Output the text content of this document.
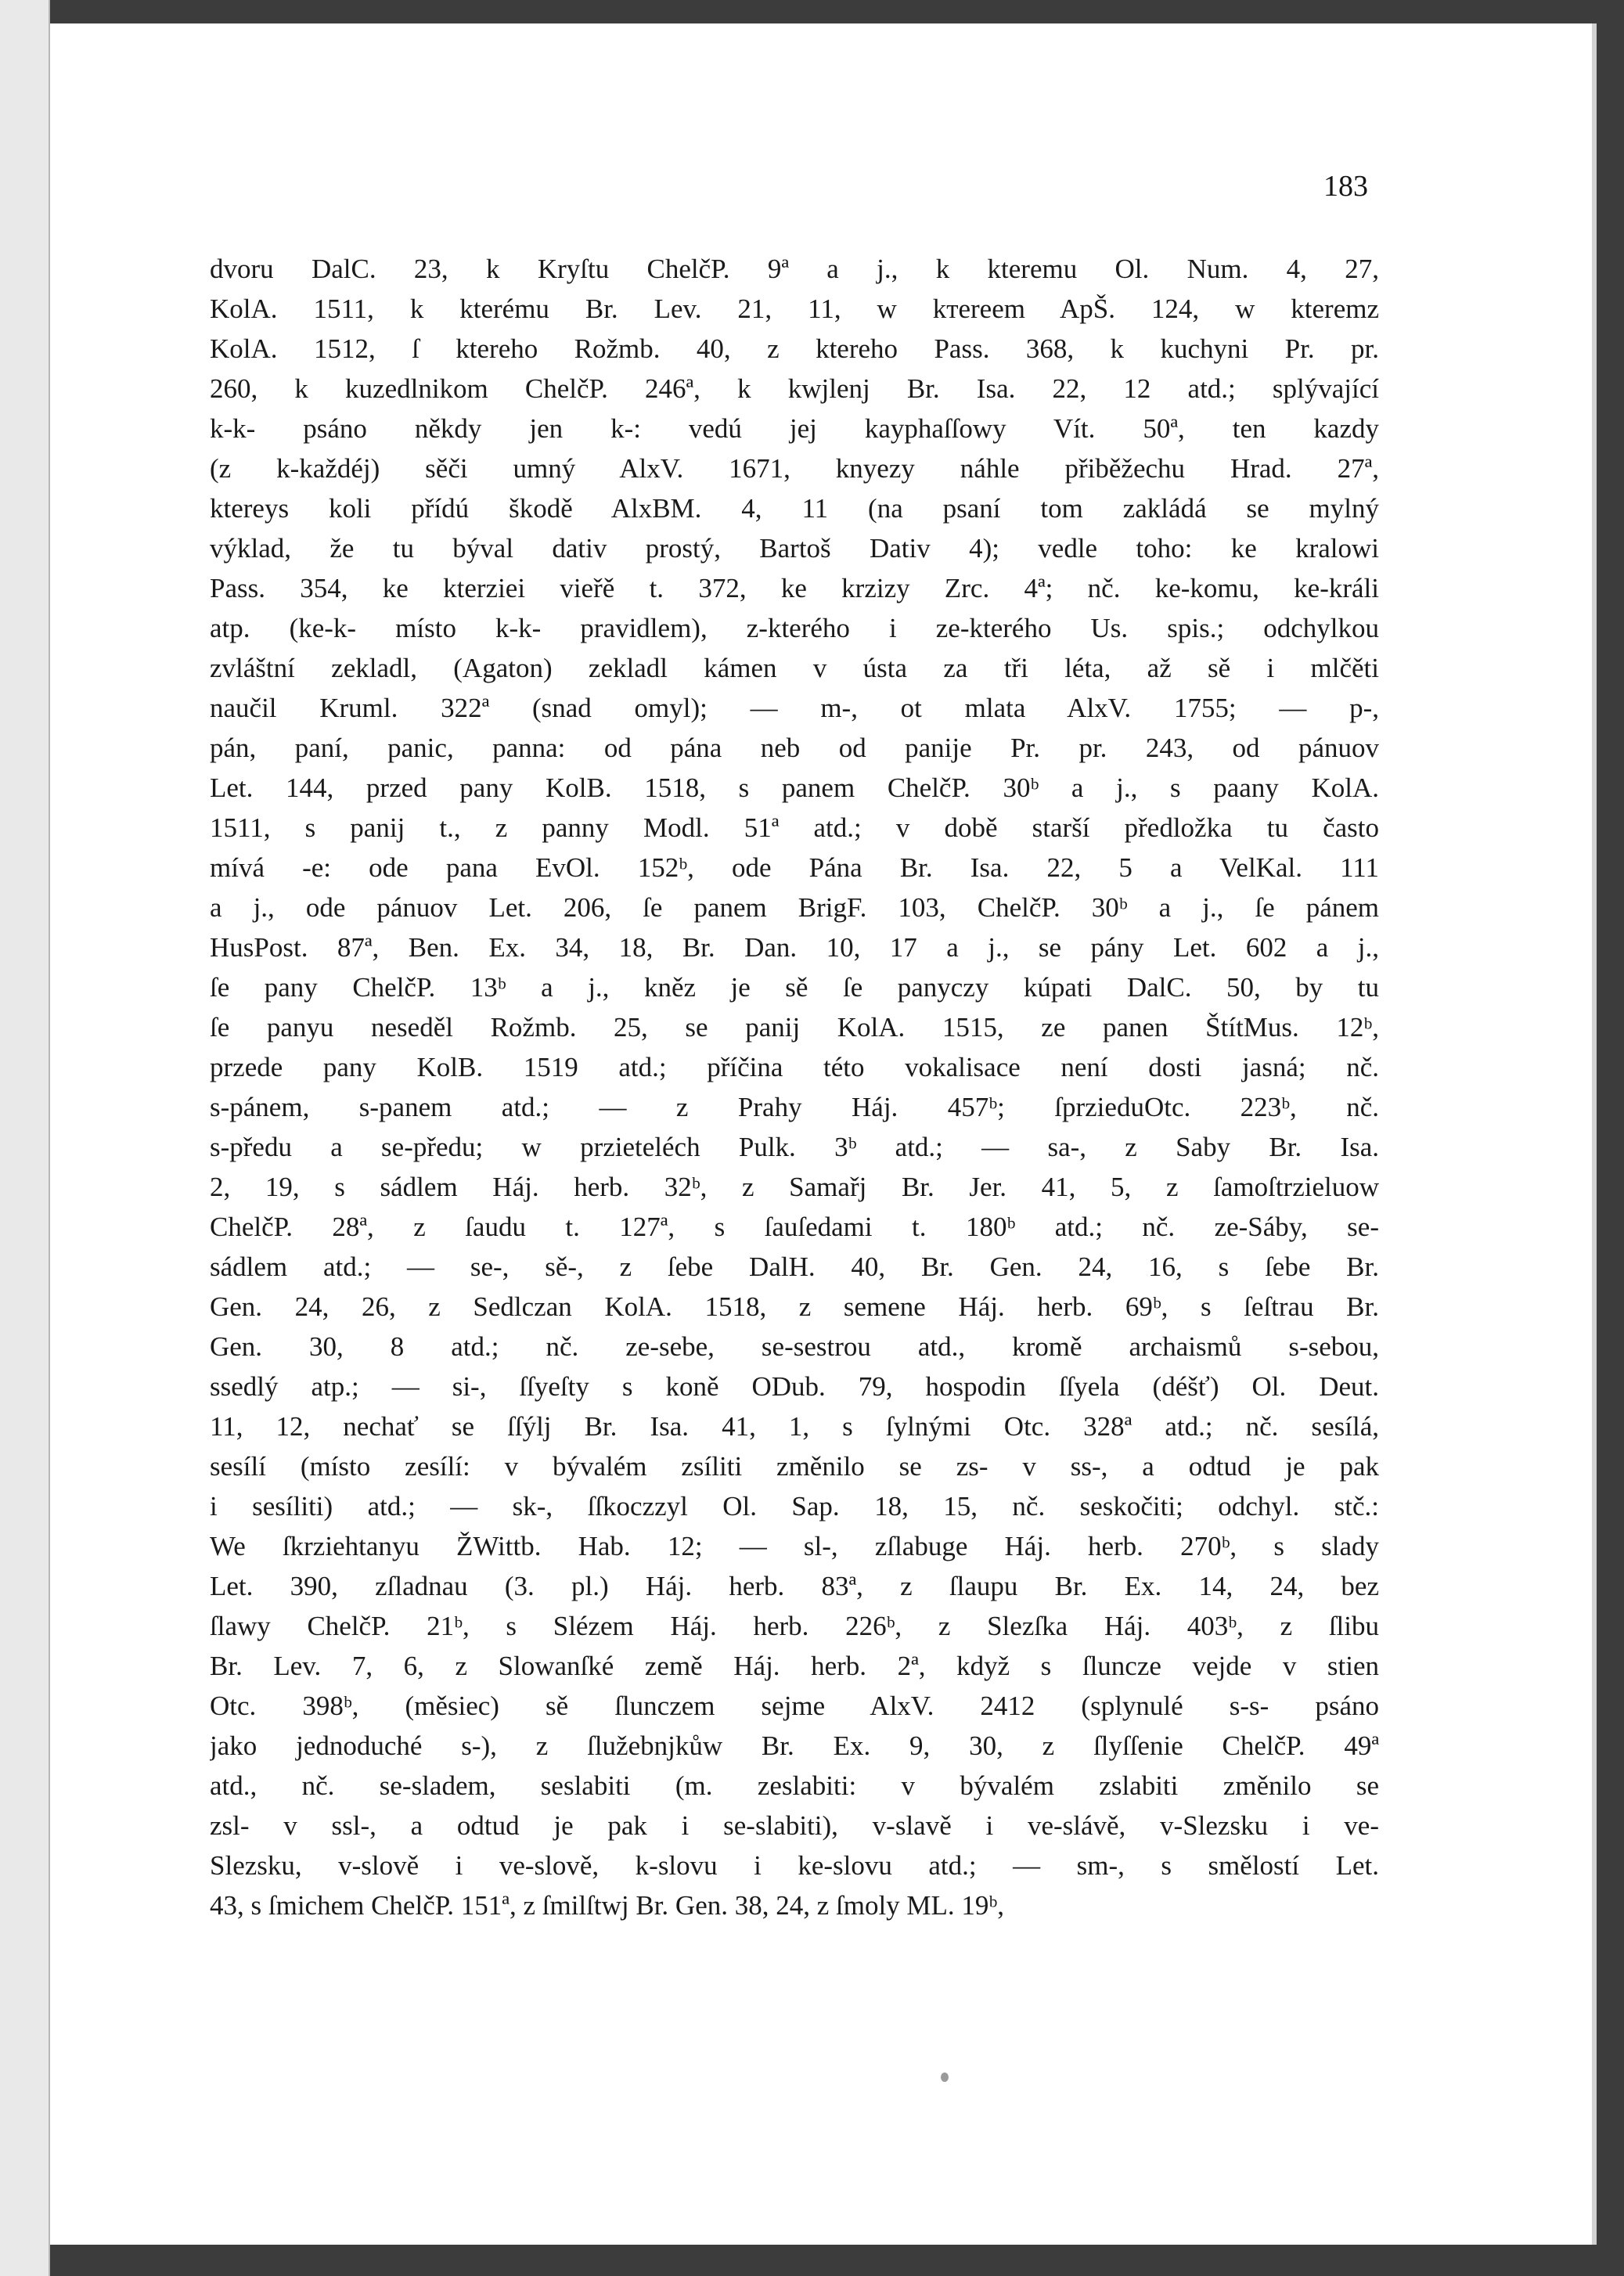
183
dvoru DalC. 23, k Kryſtu ChelčP. 9ª a j., k kteremu Ol. Num. 4, 27,
KolA. 1511, k kterému Br. Lev. 21, 11, w kтereem ApŠ. 124, w kteremz
KolA. 1512, ſ ktereho Rožmb. 40, z ktereho Pass. 368, k kuchyni Pr. pr.
260, k kuzedlnikom ChelčP. 246ª, k kwjlenj Br. Isa. 22, 12 atd.; splývající
k-k- psáno někdy jen k-: vedú jej kayphaſſowy Vít. 50ª, ten kazdy
(z k-každéj) sěči umný AlxV. 1671, knyezy náhle přiběžechu Hrad. 27ª,
ktereys koli přídú škodě AlxBM. 4, 11 (na psaní tom zakládá se mylný
výklad, že tu býval dativ prostý, Bartoš Dativ 4); vedle toho: ke kralowi
Pass. 354, ke kterziei vieřě t. 372, ke krzizy Zrc. 4ª; nč. ke-komu, ke-králi
atp. (ke-k- místo k-k- pravidlem), z-kterého i ze-kterého Us. spis.; odchylkou
zvláštní zekladl, (Agaton) zekladl kámen v ústa za tři léta, až sě i mlčěti
naučil Kruml. 322ª (snad omyl); — m-, ot mlata AlxV. 1755; — p-,
pán, paní, panic, panna: od pána neb od panije Pr. pr. 243, od pánuov
Let. 144, przed pany KolB. 1518, s panem ChelčP. 30ᵇ a j., s paany KolA.
1511, s panij t., z panny Modl. 51ª atd.; v době starší předložka tu často
mívá -e: ode pana EvOl. 152ᵇ, ode Pána Br. Isa. 22, 5 a VelKal. 111
a j., ode pánuov Let. 206, ſe panem BrigF. 103, ChelčP. 30ᵇ a j., ſe pánem
HusPost. 87ª, Ben. Ex. 34, 18, Br. Dan. 10, 17 a j., se pány Let. 602 a j.,
ſe pany ChelčP. 13ᵇ a j., kněz je sě ſe panyczy kúpati DalC. 50, by tu
ſe panyu neseděl Rožmb. 25, se panij KolA. 1515, ze panen ŠtítMus. 12ᵇ,
przede pany KolB. 1519 atd.; příčina této vokalisace není dosti jasná; nč.
s-pánem, s-panem atd.; — z Prahy Háj. 457ᵇ; ſprzieduOtc. 223ᵇ, nč.
s-předu a se-předu; w przieteléch Pulk. 3ᵇ atd.; — sa-, z Saby Br. Isa.
2, 19, s sádlem Háj. herb. 32ᵇ, z Samařj Br. Jer. 41, 5, z ſamoſtrzieluow
ChelčP. 28ª, z ſaudu t. 127ª, s ſauſedami t. 180ᵇ atd.; nč. ze-Sáby, se-
sádlem atd.; — se-, sě-, z ſebe DalH. 40, Br. Gen. 24, 16, s ſebe Br.
Gen. 24, 26, z Sedlczan KolA. 1518, z semene Háj. herb. 69ᵇ, s ſeſtrau Br.
Gen. 30, 8 atd.; nč. ze-sebe, se-sestrou atd., kromě archaismů s-sebou,
ssedlý atp.; — si-, ſſyeſty s koně ODub. 79, hospodin ſſyela (déšť) Ol. Deut.
11, 12, nechať se ſſýlj Br. Isa. 41, 1, s ſylnými Otc. 328ª atd.; nč. sesílá,
sesílí (místo zesílí: v bývalém zsíliti změnilo se zs- v ss-, a odtud je pak
i sesíliti) atd.; — sk-, ſſkoczzyl Ol. Sap. 18, 15, nč. seskočiti; odchyl. stč.:
We ſkrziehtanyu ŽWittb. Hab. 12; — sl-, zſlabuge Háj. herb. 270ᵇ, s slady
Let. 390, zſladnau (3. pl.) Háj. herb. 83ª, z ſlaupu Br. Ex. 14, 24, bez
ſlawy ChelčP. 21ᵇ, s Slézem Háj. herb. 226ᵇ, z Slezſka Háj. 403ᵇ, z ſlibu
Br. Lev. 7, 6, z Slowanſké země Háj. herb. 2ª, když s ſluncze vejde v stien
Otc. 398ᵇ, (měsiec) sě ſlunczem sejme AlxV. 2412 (splynulé s-s- psáno
jako jednoduché s-), z ſlužebnjkůw Br. Ex. 9, 30, z ſlyſſenie ChelčP. 49ª
atd., nč. se-sladem, seslabiti (m. zeslabiti: v bývalém zslabiti změnilo se
zsl- v ssl-, a odtud je pak i se-slabiti), v-slavě i ve-slávě, v-Slezsku i ve-
Slezsku, v-slově i ve-slově, k-slovu i ke-slovu atd.; — sm-, s smělostí Let.
43, s ſmichem ChelčP. 151ª, z ſmilſtwj Br. Gen. 38, 24, z ſmoly ML. 19ᵇ,
